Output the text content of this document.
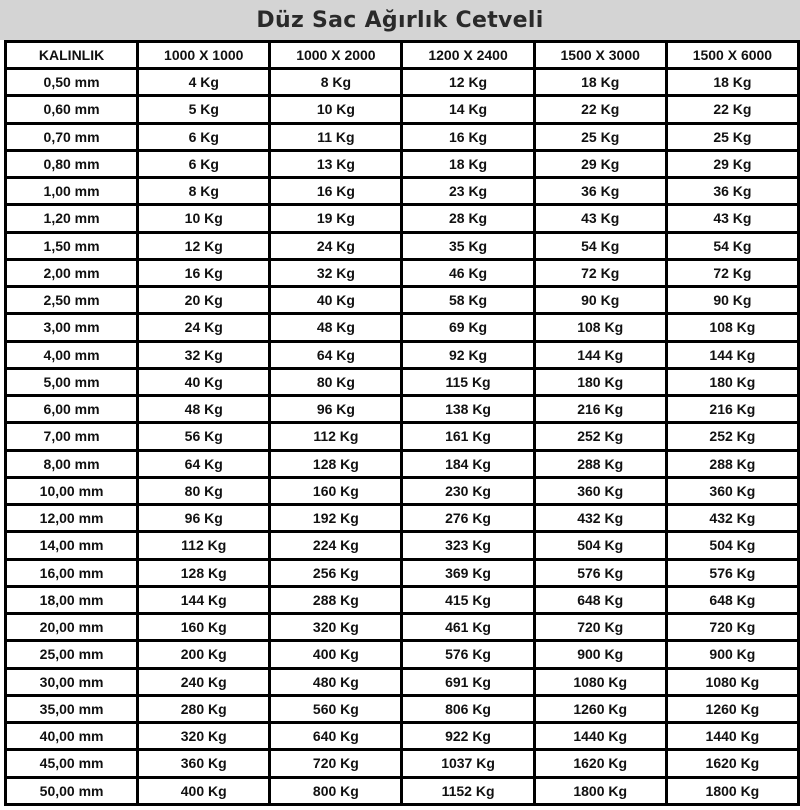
Düz Sac Ağırlık Cetveli
KALINLIK	1000 X 1000	1000 X 2000	1200 X 2400	1500 X 3000	1500 X 6000
0,50 mm	4 Kg	8 Kg	12 Kg	18 Kg	18 Kg
0,60 mm	5 Kg	10 Kg	14 Kg	22 Kg	22 Kg
0,70 mm	6 Kg	11 Kg	16 Kg	25 Kg	25 Kg
0,80 mm	6 Kg	13 Kg	18 Kg	29 Kg	29 Kg
1,00 mm	8 Kg	16 Kg	23 Kg	36 Kg	36 Kg
1,20 mm	10 Kg	19 Kg	28 Kg	43 Kg	43 Kg
1,50 mm	12 Kg	24 Kg	35 Kg	54 Kg	54 Kg
2,00 mm	16 Kg	32 Kg	46 Kg	72 Kg	72 Kg
2,50 mm	20 Kg	40 Kg	58 Kg	90 Kg	90 Kg
3,00 mm	24 Kg	48 Kg	69 Kg	108 Kg	108 Kg
4,00 mm	32 Kg	64 Kg	92 Kg	144 Kg	144 Kg
5,00 mm	40 Kg	80 Kg	115 Kg	180 Kg	180 Kg
6,00 mm	48 Kg	96 Kg	138 Kg	216 Kg	216 Kg
7,00 mm	56 Kg	112 Kg	161 Kg	252 Kg	252 Kg
8,00 mm	64 Kg	128 Kg	184 Kg	288 Kg	288 Kg
10,00 mm	80 Kg	160 Kg	230 Kg	360 Kg	360 Kg
12,00 mm	96 Kg	192 Kg	276 Kg	432 Kg	432 Kg
14,00 mm	112 Kg	224 Kg	323 Kg	504 Kg	504 Kg
16,00 mm	128 Kg	256 Kg	369 Kg	576 Kg	576 Kg
18,00 mm	144 Kg	288 Kg	415 Kg	648 Kg	648 Kg
20,00 mm	160 Kg	320 Kg	461 Kg	720 Kg	720 Kg
25,00 mm	200 Kg	400 Kg	576 Kg	900 Kg	900 Kg
30,00 mm	240 Kg	480 Kg	691 Kg	1080 Kg	1080 Kg
35,00 mm	280 Kg	560 Kg	806 Kg	1260 Kg	1260 Kg
40,00 mm	320 Kg	640 Kg	922 Kg	1440 Kg	1440 Kg
45,00 mm	360 Kg	720 Kg	1037 Kg	1620 Kg	1620 Kg
50,00 mm	400 Kg	800 Kg	1152 Kg	1800 Kg	1800 Kg
